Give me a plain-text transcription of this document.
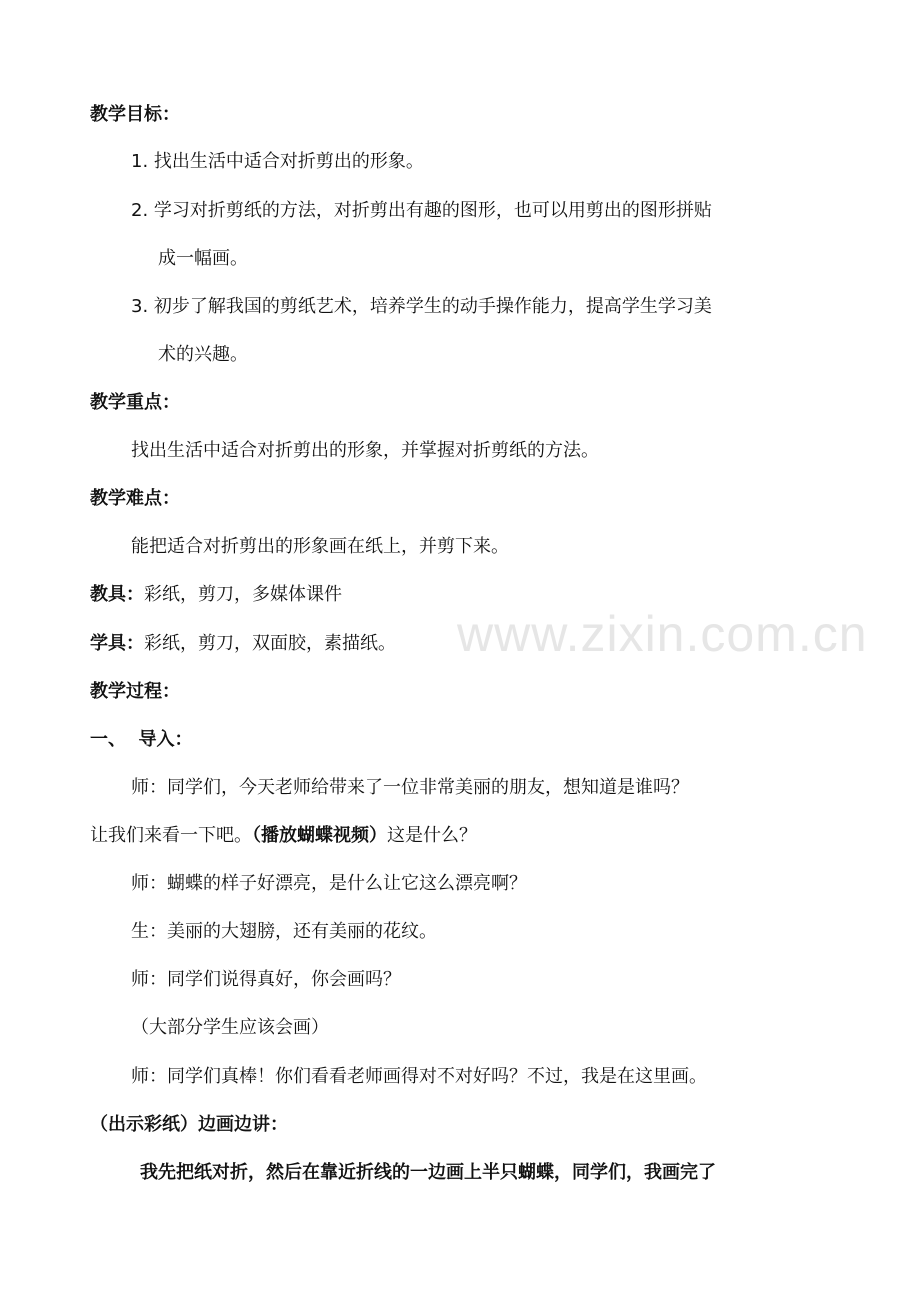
www.zixin.com.cn
教学目标：
1. 找出生活中适合对折剪出的形象。
2. 学习对折剪纸的方法，对折剪出有趣的图形，也可以用剪出的图形拼贴
成一幅画。
3. 初步了解我国的剪纸艺术，培养学生的动手操作能力，提高学生学习美
术的兴趣。
教学重点：
找出生活中适合对折剪出的形象，并掌握对折剪纸的方法。
教学难点：
能把适合对折剪出的形象画在纸上，并剪下来。
教具：彩纸，剪刀，多媒体课件
学具：彩纸，剪刀，双面胶，素描纸。
教学过程：
一、  导入：
师：同学们，今天老师给带来了一位非常美丽的朋友，想知道是谁吗？
让我们来看一下吧。（播放蝴蝶视频）这是什么？
师：蝴蝶的样子好漂亮，是什么让它这么漂亮啊？
生：美丽的大翅膀，还有美丽的花纹。
师：同学们说得真好，你会画吗？
（大部分学生应该会画）
师：同学们真棒！你们看看老师画得对不对好吗？不过，我是在这里画。
（出示彩纸）边画边讲：
我先把纸对折，然后在靠近折线的一边画上半只蝴蝶，同学们，我画完了
